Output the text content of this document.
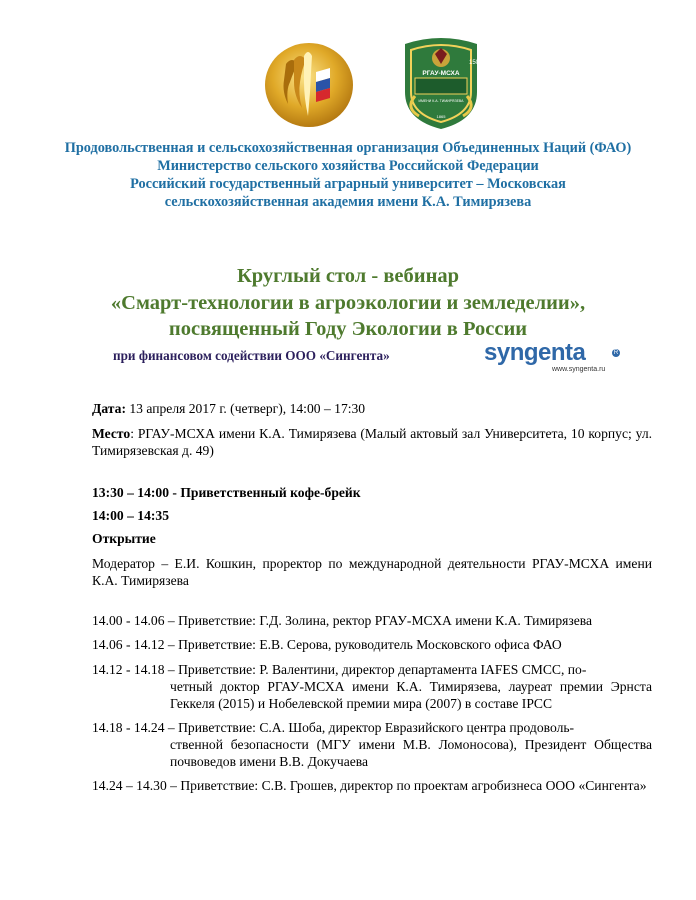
150
РГАУ-МСХА
ИМЕНИ К.А. ТИМИРЯЗЕВА
1865
Продовольственная и сельскохозяйственная организация Объединенных Наций (ФАО)
Министерство сельского хозяйства Российской Федерации
Российский государственный аграрный университет – Московская сельскохозяйственная академия имени К.А. Тимирязева
Круглый стол - вебинар
«Смарт-технологии в агроэкологии и земледелии»,
посвященный Году Экологии в России
при финансовом содействии ООО «Сингента»	syngenta	R
www.syngenta.ru
Дата: 13 апреля 2017 г. (четверг), 14:00 – 17:30
Место: РГАУ-МСХА имени К.А. Тимирязева (Малый актовый зал Университета, 10 корпус; ул. Тимирязевская д. 49)
13:30 – 14:00 - Приветственный кофе-брейк
14:00 – 14:35
Открытие
Модератор – Е.И. Кошкин, проректор по международной деятельности РГАУ-МСХА имени К.А. Тимирязева
14.00 - 14.06 – Приветствие: Г.Д. Золина, ректор РГАУ-МСХА имени К.А. Тимирязева
14.06 - 14.12 – Приветствие: Е.В. Серова, руководитель Московского офиса ФАО
14.12 - 14.18 – Приветствие: Р. Валентини, директор департамента IAFES СМСС, по-
четный доктор РГАУ-МСХА имени К.А. Тимирязева, лауреат премии Эрнста Геккеля (2015) и Нобелевской премии мира (2007) в составе IPCC
14.18 - 14.24 – Приветствие: С.А. Шоба, директор Евразийского центра продоволь-
ственной безопасности (МГУ имени М.В. Ломоносова), Президент Общества почвоведов имени В.В. Докучаева
14.24 – 14.30 – Приветствие: С.В. Грошев, директор по проектам агробизнеса ООО «Сингента»
